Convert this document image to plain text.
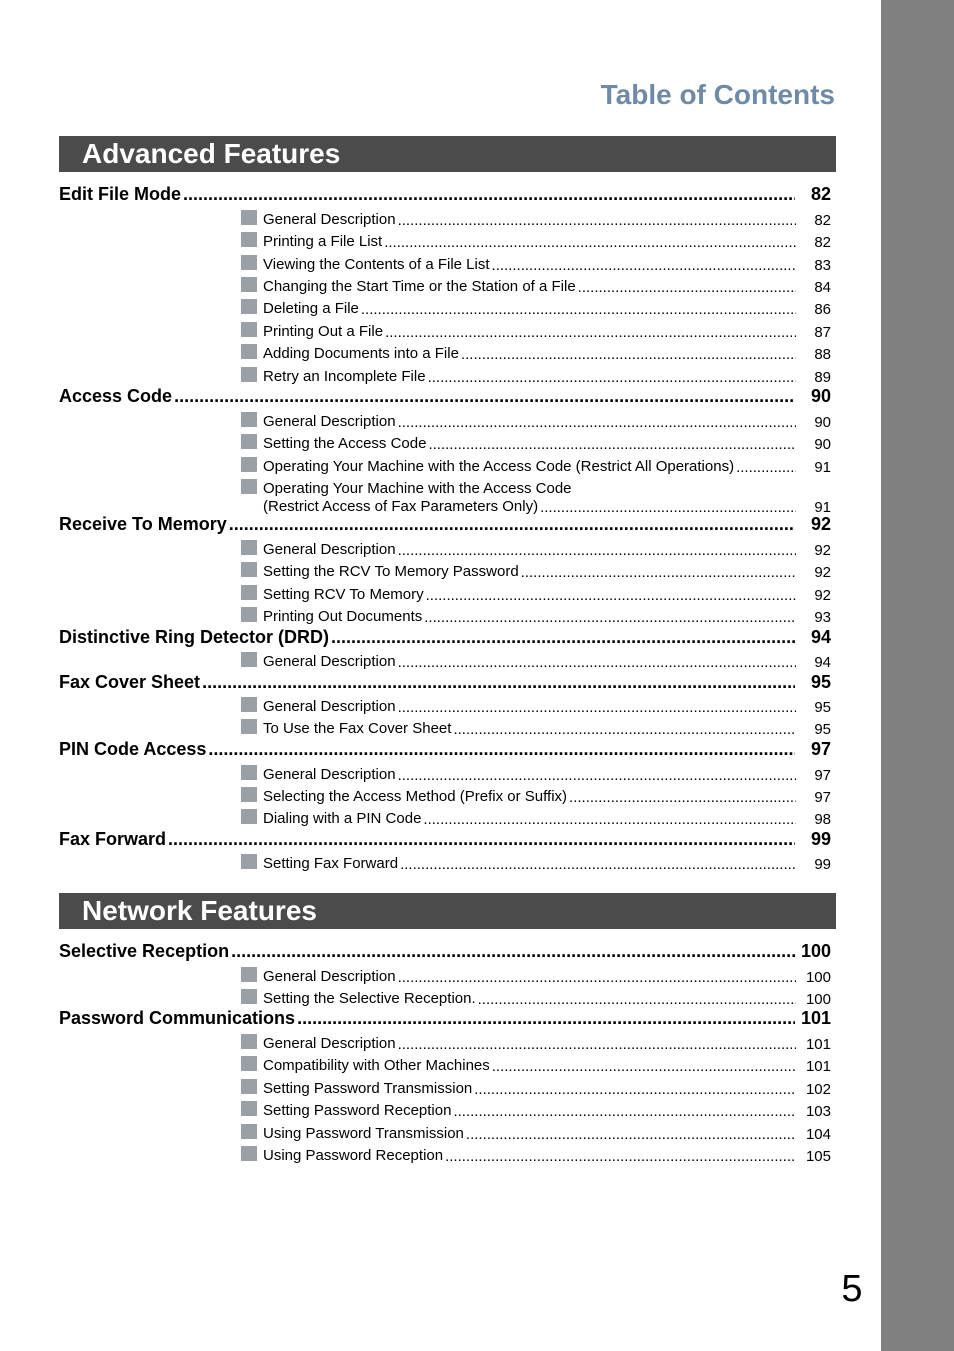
Table of Contents
Advanced Features
Edit File Mode .....	82
General Description .....	82
Printing a File List .....	82
Viewing the Contents of a File List .....	83
Changing the Start Time or the Station of a File .....	84
Deleting a File .....	86
Printing Out a File .....	87
Adding Documents into a File .....	88
Retry an Incomplete File .....	89
Access Code .....	90
General Description .....	90
Setting the Access Code .....	90
Operating Your Machine with the Access Code (Restrict All Operations) .....	91
Operating Your Machine with the Access Code
(Restrict Access of Fax Parameters Only) .....	91
Receive To Memory .....	92
General Description .....	92
Setting the RCV To Memory Password .....	92
Setting RCV To Memory .....	92
Printing Out Documents .....	93
Distinctive Ring Detector (DRD) .....	94
General Description .....	94
Fax Cover Sheet .....	95
General Description .....	95
To Use the Fax Cover Sheet .....	95
PIN Code Access .....	97
General Description .....	97
Selecting the Access Method (Prefix or Suffix) .....	97
Dialing with a PIN Code .....	98
Fax Forward .....	99
Setting Fax Forward .....	99
Network Features
Selective Reception .....	100
General Description .....	100
Setting the Selective Reception. .....	100
Password Communications .....	101
General Description .....	101
Compatibility with Other Machines .....	101
Setting Password Transmission .....	102
Setting Password Reception .....	103
Using Password Transmission .....	104
Using Password Reception .....	105
5
